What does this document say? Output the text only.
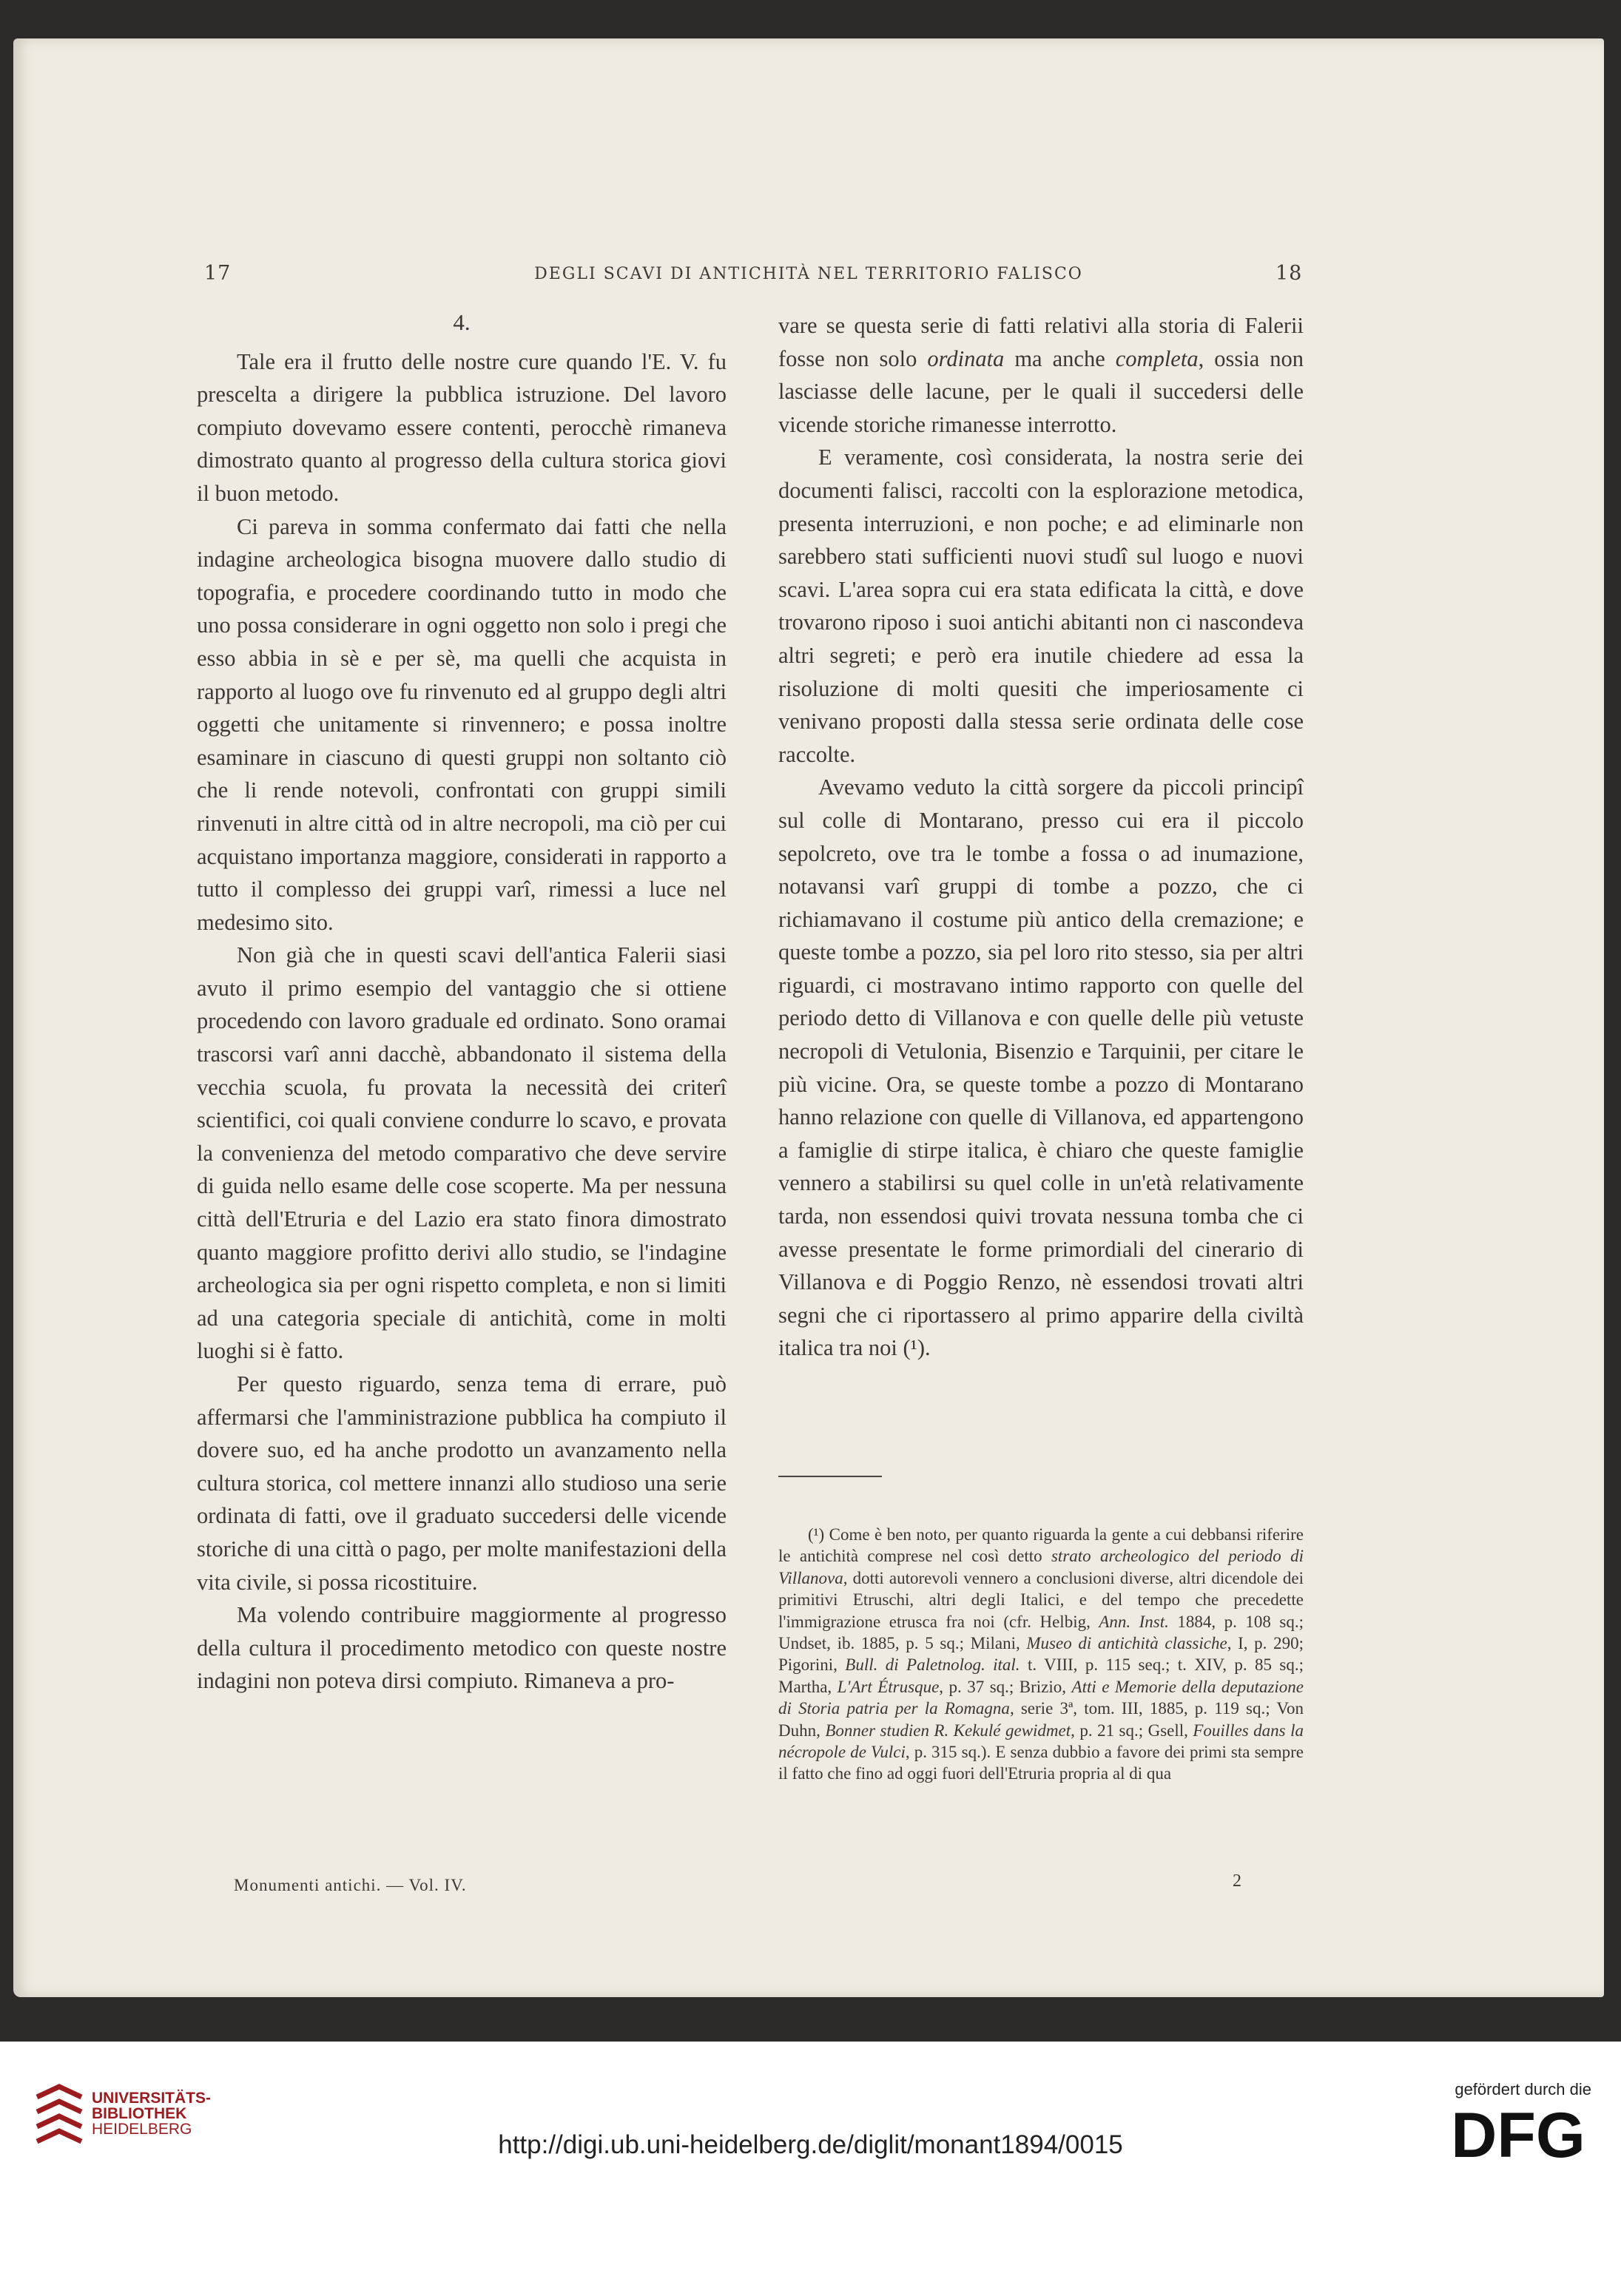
17	DEGLI SCAVI DI ANTICHITÀ NEL TERRITORIO FALISCO	18

4.

Tale era il frutto delle nostre cure quando l'E. V. fu prescelta a dirigere la pubblica istruzione. Del lavoro compiuto dovevamo essere contenti, perocchè rimaneva dimostrato quanto al progresso della cultura storica giovi il buon metodo.

Ci pareva in somma confermato dai fatti che nella indagine archeologica bisogna muovere dallo studio di topografia, e procedere coordinando tutto in modo che uno possa considerare in ogni oggetto non solo i pregi che esso abbia in sè e per sè, ma quelli che acquista in rapporto al luogo ove fu rinvenuto ed al gruppo degli altri oggetti che unitamente si rinvennero; e possa inoltre esaminare in ciascuno di questi gruppi non soltanto ciò che li rende notevoli, confrontati con gruppi simili rinvenuti in altre città od in altre necropoli, ma ciò per cui acquistano importanza maggiore, considerati in rapporto a tutto il complesso dei gruppi varî, rimessi a luce nel medesimo sito.

Non già che in questi scavi dell'antica Falerii siasi avuto il primo esempio del vantaggio che si ottiene procedendo con lavoro graduale ed ordinato. Sono oramai trascorsi varî anni dacchè, abbandonato il sistema della vecchia scuola, fu provata la necessità dei criterî scientifici, coi quali conviene condurre lo scavo, e provata la convenienza del metodo comparativo che deve servire di guida nello esame delle cose scoperte. Ma per nessuna città dell'Etruria e del Lazio era stato finora dimostrato quanto maggiore profitto derivi allo studio, se l'indagine archeologica sia per ogni rispetto completa, e non si limiti ad una categoria speciale di antichità, come in molti luoghi si è fatto.

Per questo riguardo, senza tema di errare, può affermarsi che l'amministrazione pubblica ha compiuto il dovere suo, ed ha anche prodotto un avanzamento nella cultura storica, col mettere innanzi allo studioso una serie ordinata di fatti, ove il graduato succedersi delle vicende storiche di una città o pago, per molte manifestazioni della vita civile, si possa ricostituire.

Ma volendo contribuire maggiormente al progresso della cultura il procedimento metodico con queste nostre indagini non poteva dirsi compiuto. Rimaneva a pro-

vare se questa serie di fatti relativi alla storia di Falerii fosse non solo ordinata ma anche completa, ossia non lasciasse delle lacune, per le quali il succedersi delle vicende storiche rimanesse interrotto.

E veramente, così considerata, la nostra serie dei documenti falisci, raccolti con la esplorazione metodica, presenta interruzioni, e non poche; e ad eliminarle non sarebbero stati sufficienti nuovi studî sul luogo e nuovi scavi. L'area sopra cui era stata edificata la città, e dove trovarono riposo i suoi antichi abitanti non ci nascondeva altri segreti; e però era inutile chiedere ad essa la risoluzione di molti quesiti che imperiosamente ci venivano proposti dalla stessa serie ordinata delle cose raccolte.

Avevamo veduto la città sorgere da piccoli principî sul colle di Montarano, presso cui era il piccolo sepolcreto, ove tra le tombe a fossa o ad inumazione, notavansi varî gruppi di tombe a pozzo, che ci richiamavano il costume più antico della cremazione; e queste tombe a pozzo, sia pel loro rito stesso, sia per altri riguardi, ci mostravano intimo rapporto con quelle del periodo detto di Villanova e con quelle delle più vetuste necropoli di Vetulonia, Bisenzio e Tarquinii, per citare le più vicine. Ora, se queste tombe a pozzo di Montarano hanno relazione con quelle di Villanova, ed appartengono a famiglie di stirpe italica, è chiaro che queste famiglie vennero a stabilirsi su quel colle in un'età relativamente tarda, non essendosi quivi trovata nessuna tomba che ci avesse presentate le forme primordiali del cinerario di Villanova e di Poggio Renzo, nè essendosi trovati altri segni che ci riportassero al primo apparire della civiltà italica tra noi (¹).

(¹) Come è ben noto, per quanto riguarda la gente a cui debbansi riferire le antichità comprese nel così detto strato archeologico del periodo di Villanova, dotti autorevoli vennero a conclusioni diverse, altri dicendole dei primitivi Etruschi, altri degli Italici, e del tempo che precedette l'immigrazione etrusca fra noi (cfr. Helbig, Ann. Inst. 1884, p. 108 sq.; Undset, ib. 1885, p. 5 sq.; Milani, Museo di antichità classiche, I, p. 290; Pigorini, Bull. di Paletnolog. ital. t. VIII, p. 115 seq.; t. XIV, p. 85 sq.; Martha, L'Art Étrusque, p. 37 sq.; Brizio, Atti e Memorie della deputazione di Storia patria per la Romagna, serie 3ª, tom. III, 1885, p. 119 sq.; Von Duhn, Bonner studien R. Kekulé gewidmet, p. 21 sq.; Gsell, Fouilles dans la nécropole de Vulci, p. 315 sq.). E senza dubbio a favore dei primi sta sempre il fatto che fino ad oggi fuori dell'Etruria propria al di qua

Monumenti antichi. — Vol. IV.	2
UNIVERSITÄTS-
BIBLIOTHEK
HEIDELBERG
http://digi.ub.uni-heidelberg.de/diglit/monant1894/0015
gefördert durch die
DFG
